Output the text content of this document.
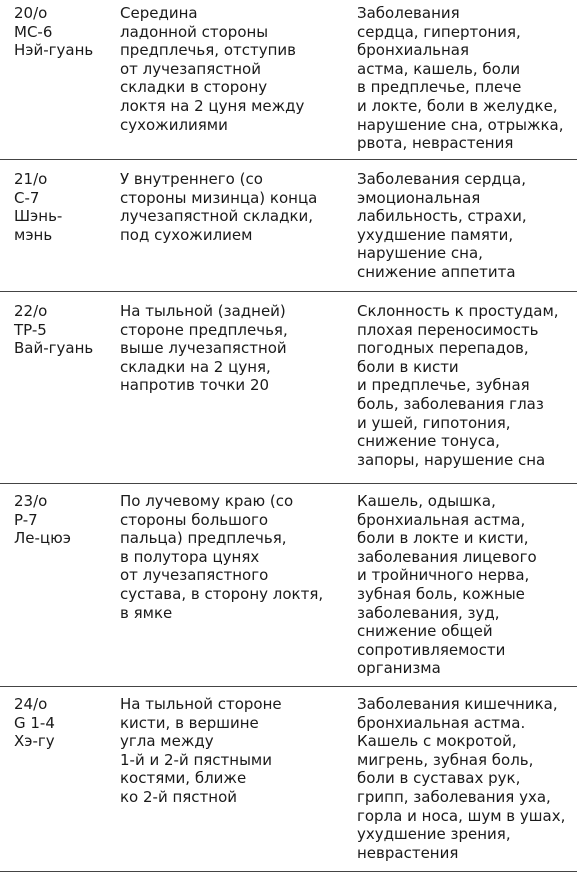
20/о
MC-6
Нэй-гуань
Середина
ладонной стороны
предплечья, отступив
от лучезапястной
складки в сторону
локтя на 2 цуня между
сухожилиями
Заболевания
сердца, гипертония,
бронхиальная
астма, кашель, боли
в предплечье, плече
и локте, боли в желудке,
нарушение сна, отрыжка,
рвота, неврастения
21/о
C-7
Шэнь-
мэнь
У внутреннего (со
стороны мизинца) конца
лучезапястной складки,
под сухожилием
Заболевания сердца,
эмоциональная
лабильность, страхи,
ухудшение памяти,
нарушение сна,
снижение аппетита
22/о
TP-5
Вай-гуань
На тыльной (задней)
стороне предплечья,
выше лучезапястной
складки на 2 цуня,
напротив точки 20
Склонность к простудам,
плохая переносимость
погодных перепадов,
боли в кисти
и предплечье, зубная
боль, заболевания глаз
и ушей, гипотония,
снижение тонуса,
запоры, нарушение сна
23/о
P-7
Ле-цюэ
По лучевому краю (со
стороны большого
пальца) предплечья,
в полутора цунях
от лучезапястного
сустава, в сторону локтя,
в ямке
Кашель, одышка,
бронхиальная астма,
боли в локте и кисти,
заболевания лицевого
и тройничного нерва,
зубная боль, кожные
заболевания, зуд,
снижение общей
сопротивляемости
организма
24/о
G 1-4
Хэ-гу
На тыльной стороне
кисти, в вершине
угла между
1-й и 2-й пястными
костями, ближе
ко 2-й пястной
Заболевания кишечника,
бронхиальная астма.
Кашель с мокротой,
мигрень, зубная боль,
боли в суставах рук,
грипп, заболевания уха,
горла и носа, шум в ушах,
ухудшение зрения,
неврастения
